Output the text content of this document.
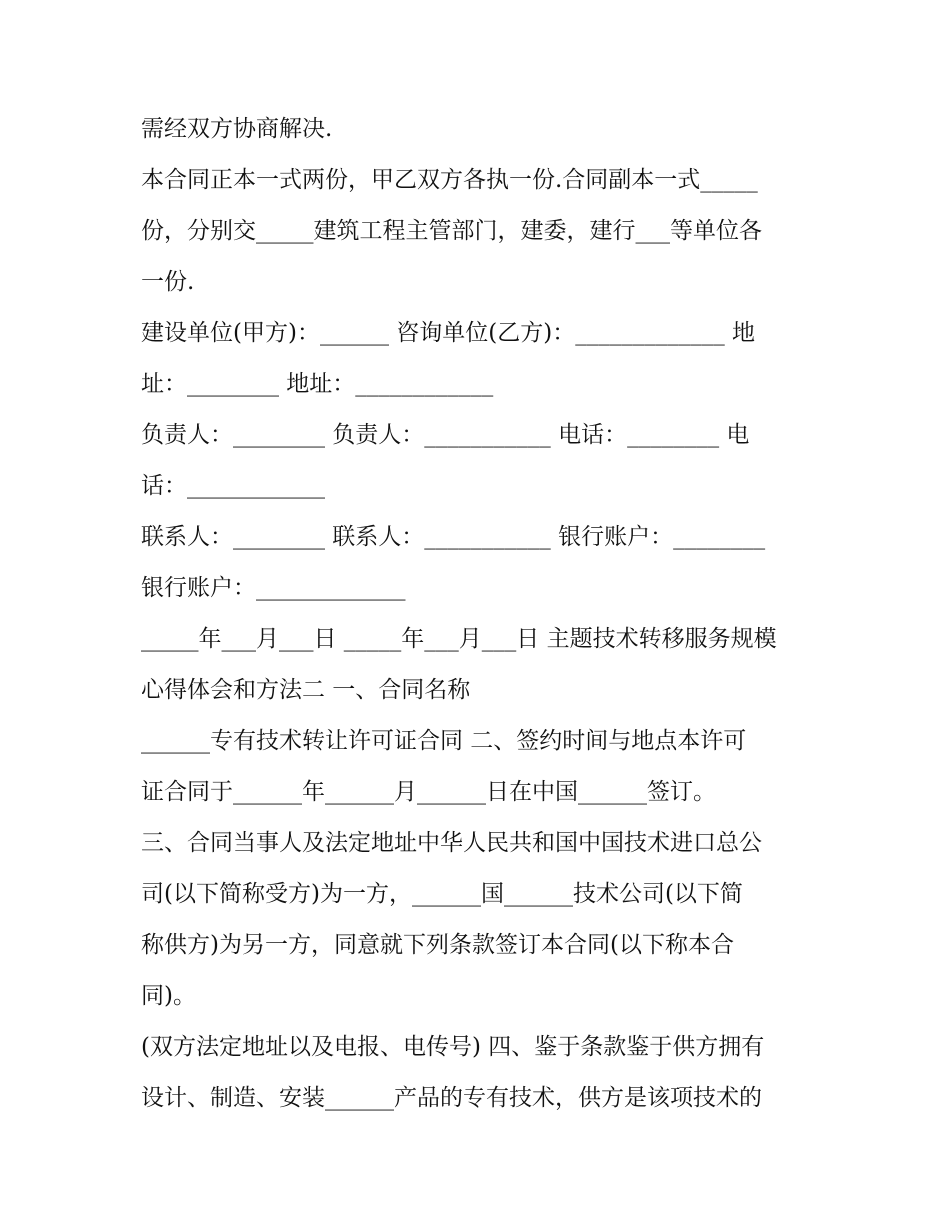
需经双方协商解决.
本合同正本一式两份，甲乙双方各执一份.合同副本一式_____
份，分别交_____建筑工程主管部门，建委，建行___等单位各
一份.
建设单位(甲方)：______ 咨询单位(乙方)：_____________ 地
址：________ 地址：____________
负责人：________ 负责人：___________ 电话：________ 电
话：____________
联系人：________ 联系人：___________ 银行账户：________
银行账户：_____________
_____年___月___日 _____年___月___日 主题技术转移服务规模
心得体会和方法二 一、合同名称
______专有技术转让许可证合同 二、签约时间与地点本许可
证合同于______年______月______日在中国______签订。
三、合同当事人及法定地址中华人民共和国中国技术进口总公
司(以下简称受方)为一方，______国______技术公司(以下简
称供方)为另一方，同意就下列条款签订本合同(以下称本合
同)。
(双方法定地址以及电报、电传号) 四、鉴于条款鉴于供方拥有
设计、制造、安装______产品的专有技术，供方是该项技术的
